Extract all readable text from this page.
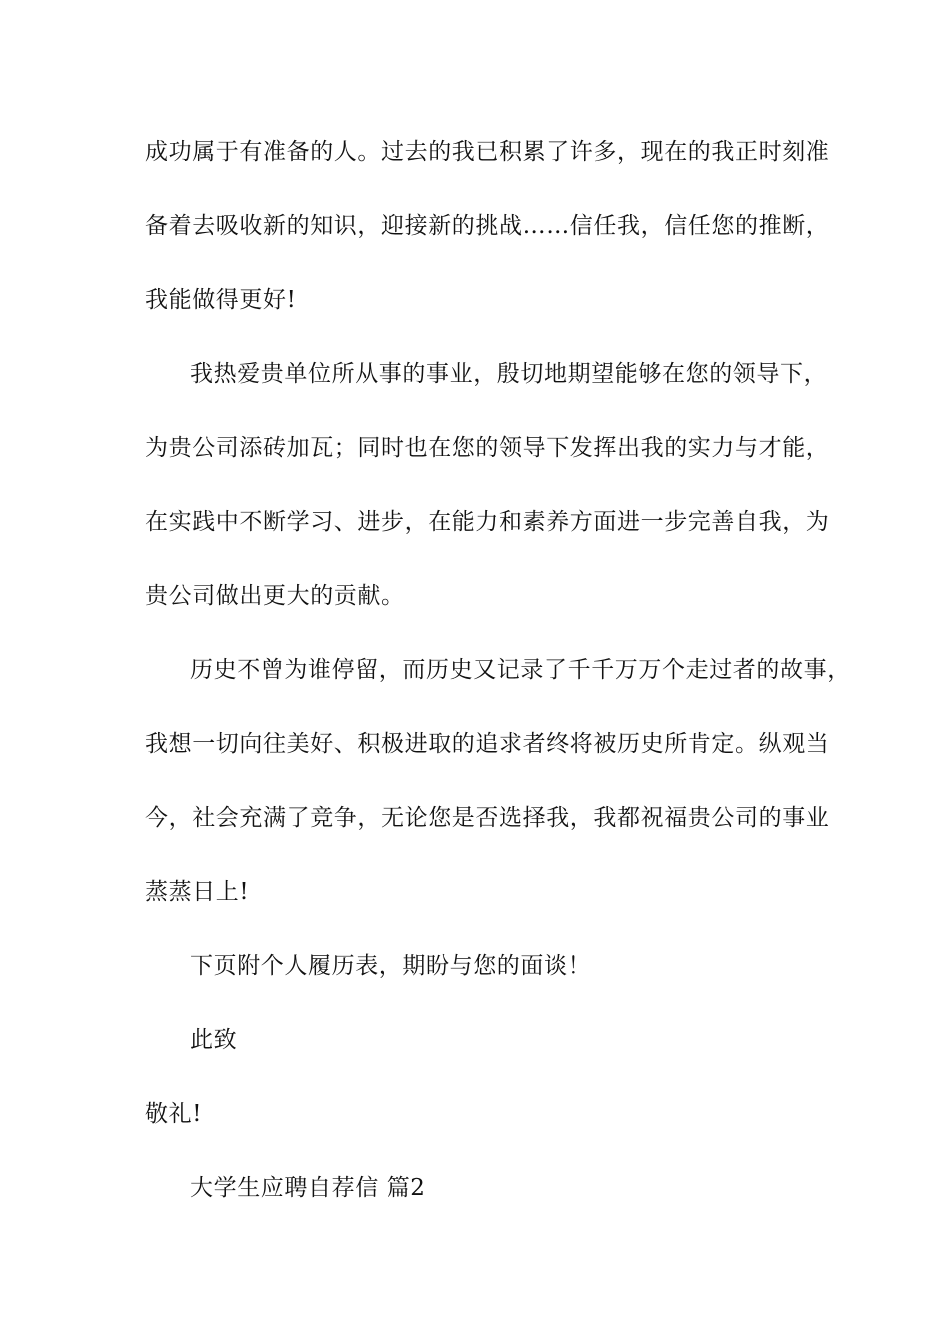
成功属于有准备的人。过去的我已积累了许多，现在的我正时刻准
备着去吸收新的知识，迎接新的挑战……信任我，信任您的推断，
我能做得更好!
我热爱贵单位所从事的事业，殷切地期望能够在您的领导下，
为贵公司添砖加瓦；同时也在您的领导下发挥出我的实力与才能，
在实践中不断学习、进步，在能力和素养方面进一步完善自我，为
贵公司做出更大的贡献。
历史不曾为谁停留，而历史又记录了千千万万个走过者的故事，
我想一切向往美好、积极进取的追求者终将被历史所肯定。纵观当
今，社会充满了竞争，无论您是否选择我，我都祝福贵公司的事业
蒸蒸日上!
下页附个人履历表，期盼与您的面谈！
此致
敬礼!
大学生应聘自荐信 篇2
